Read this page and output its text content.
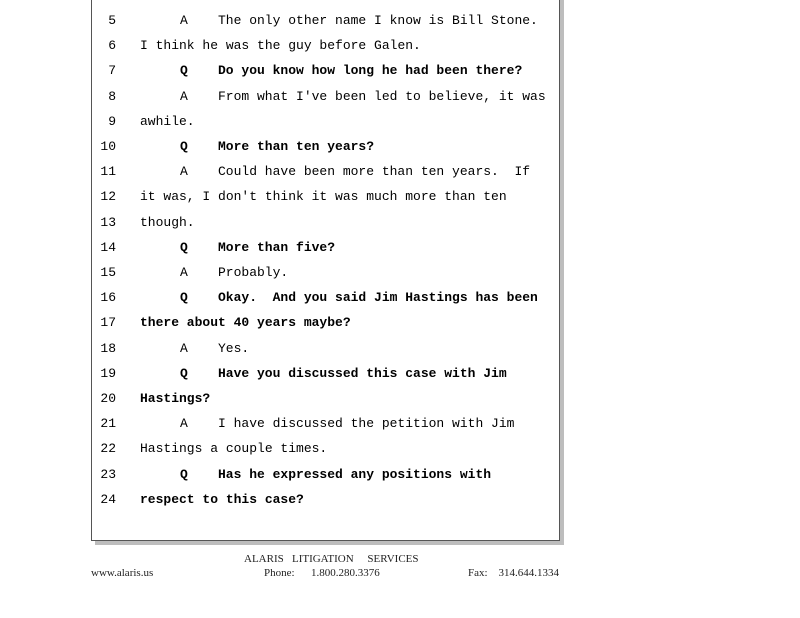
5	A The only other name I know is Bill Stone.
6 I think he was the guy before Galen.
7	Q Do you know how long he had been there?
8	A From what I've been led to believe, it was
9 awhile.
10	Q More than ten years?
11	A Could have been more than ten years.  If
12 it was, I don't think it was much more than ten
13 though.
14	Q More than five?
15	A Probably.
16	Q Okay.  And you said Jim Hastings has been
17 there about 40 years maybe?
18	A Yes.
19	Q Have you discussed this case with Jim
20 Hastings?
21	A I have discussed the petition with Jim
22 Hastings a couple times.
23	Q Has he expressed any positions with
24 respect to this case?
ALARIS   LITIGATION     SERVICES
www.alaris.us	Phone:      1.800.280.3376	Fax:    314.644.1334
